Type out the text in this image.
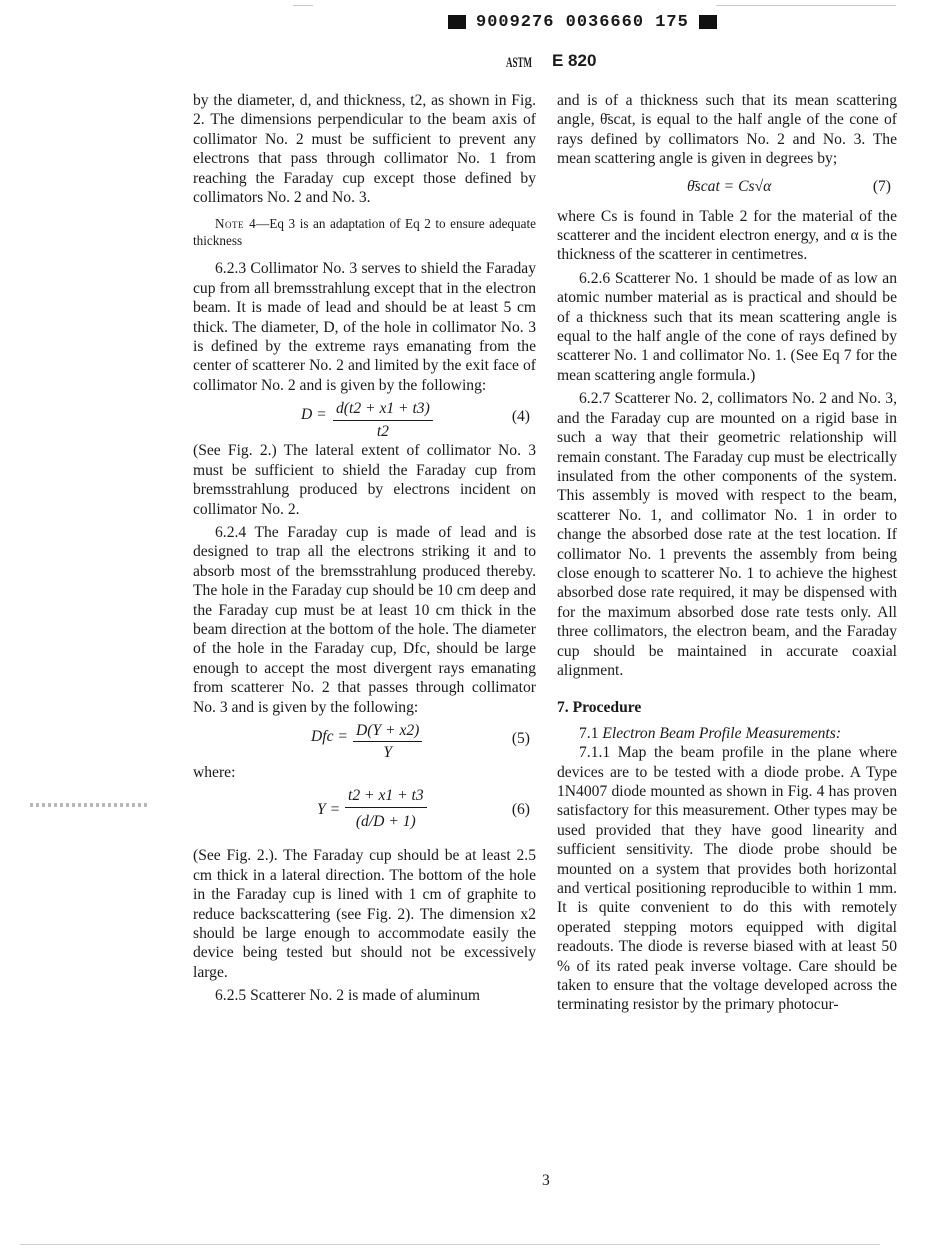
9009276 0036660 175
ASTM E 820

by the diameter, d, and thickness, t2, as shown in Fig. 2. The dimensions perpendicular to the beam axis of collimator No. 2 must be sufficient to prevent any electrons that pass through collimator No. 1 from reaching the Faraday cup except those defined by collimators No. 2 and No. 3.

Note 4—Eq 3 is an adaptation of Eq 2 to ensure adequate thickness

6.2.3 Collimator No. 3 serves to shield the Faraday cup from all bremsstrahlung except that in the electron beam. It is made of lead and should be at least 5 cm thick. The diameter, D, of the hole in collimator No. 3 is defined by the extreme rays emanating from the center of scatterer No. 2 and limited by the exit face of collimator No. 2 and is given by the following:

$D = \frac{d(t2 + x1 + t3)}{t2}$	(4)

(See Fig. 2.) The lateral extent of collimator No. 3 must be sufficient to shield the Faraday cup from bremsstrahlung produced by electrons incident on collimator No. 2.

6.2.4 The Faraday cup is made of lead and is designed to trap all the electrons striking it and to absorb most of the bremsstrahlung produced thereby. The hole in the Faraday cup should be 10 cm deep and the Faraday cup must be at least 10 cm thick in the beam direction at the bottom of the hole. The diameter of the hole in the Faraday cup, Dfc, should be large enough to accept the most divergent rays emanating from scatterer No. 2 that passes through collimator No. 3 and is given by the following:

Dfc = $\frac{D(Y + x2)}{Y}$	(5)

where:

$Y = \frac{t2 + x1 + t3}{(d/D + 1)}$	(6)

(See Fig. 2.). The Faraday cup should be at least 2.5 cm thick in a lateral direction. The bottom of the hole in the Faraday cup is lined with 1 cm of graphite to reduce backscattering (see Fig. 2). The dimension x2 should be large enough to accommodate easily the device being tested but should not be excessively large.

6.2.5 Scatterer No. 2 is made of aluminum

and is of a thickness such that its mean scattering angle, θ̄scat, is equal to the half angle of the cone of rays defined by collimators No. 2 and No. 3. The mean scattering angle is given in degrees by;

θ̄scat = Cs√α	(7)

where Cs is found in Table 2 for the material of the scatterer and the incident electron energy, and α is the thickness of the scatterer in centimetres.

6.2.6 Scatterer No. 1 should be made of as low an atomic number material as is practical and should be of a thickness such that its mean scattering angle is equal to the half angle of the cone of rays defined by scatterer No. 1 and collimator No. 1. (See Eq 7 for the mean scattering angle formula.)

6.2.7 Scatterer No. 2, collimators No. 2 and No. 3, and the Faraday cup are mounted on a rigid base in such a way that their geometric relationship will remain constant. The Faraday cup must be electrically insulated from the other components of the system. This assembly is moved with respect to the beam, scatterer No. 1, and collimator No. 1 in order to change the absorbed dose rate at the test location. If collimator No. 1 prevents the assembly from being close enough to scatterer No. 1 to achieve the highest absorbed dose rate required, it may be dispensed with for the maximum absorbed dose rate tests only. All three collimators, the electron beam, and the Faraday cup should be maintained in accurate coaxial alignment.

7. Procedure

7.1 Electron Beam Profile Measurements:

7.1.1 Map the beam profile in the plane where devices are to be tested with a diode probe. A Type 1N4007 diode mounted as shown in Fig. 4 has proven satisfactory for this measurement. Other types may be used provided that they have good linearity and sufficient sensitivity. The diode probe should be mounted on a system that provides both horizontal and vertical positioning reproducible to within 1 mm. It is quite convenient to do this with remotely operated stepping motors equipped with digital readouts. The diode is reverse biased with at least 50 % of its rated peak inverse voltage. Care should be taken to ensure that the voltage developed across the terminating resistor by the primary photocur-

3
